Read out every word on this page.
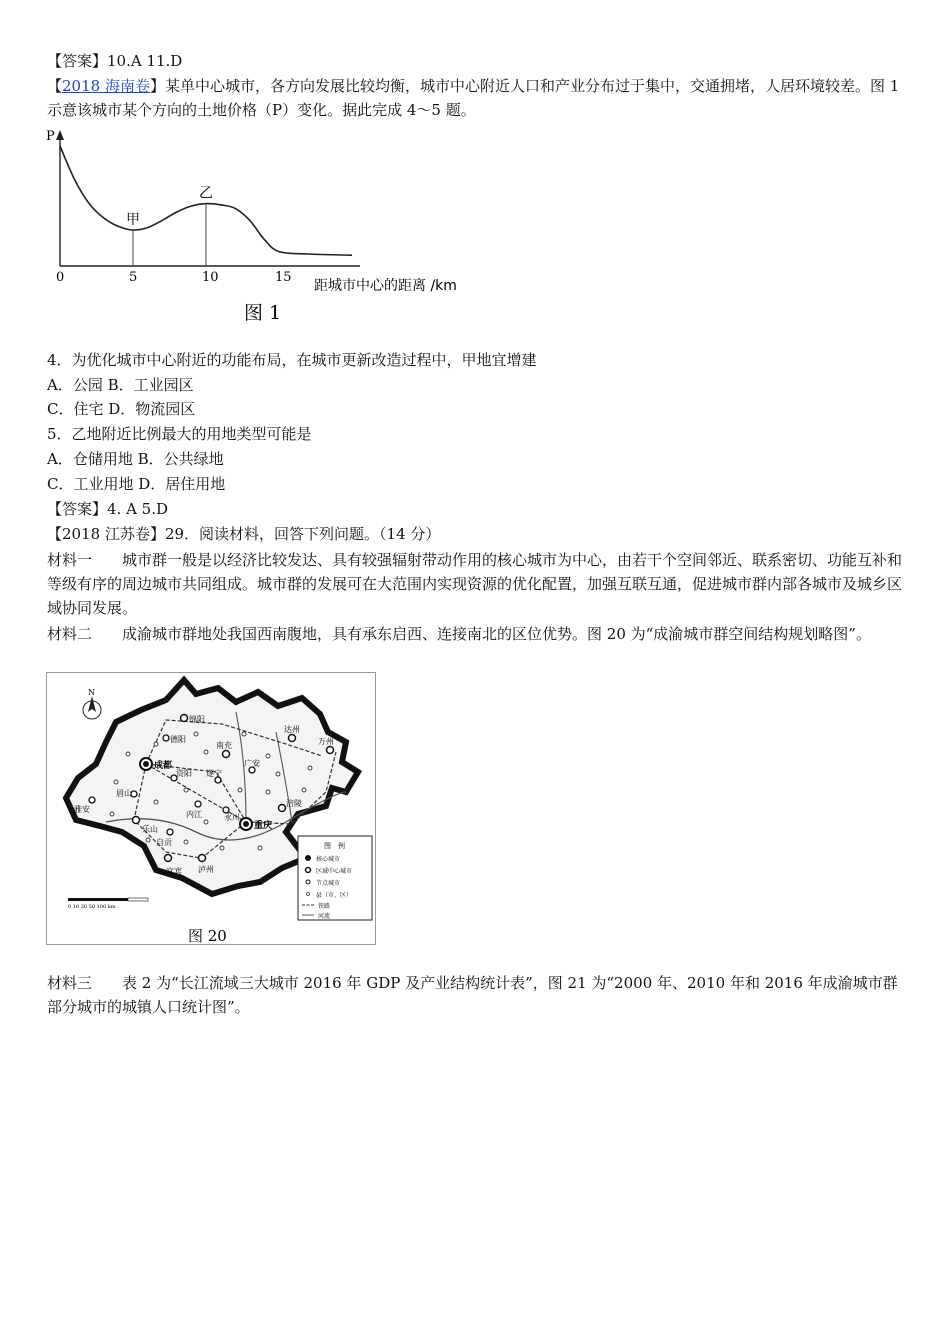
【答案】10.A 11.D
【2018 海南卷】某单中心城市，各方向发展比较均衡，城市中心附近人口和产业分布过于集中，交通拥堵，人居环境较差。图 1 示意该城市某个方向的土地价格（P）变化。据此完成 4～5 题。
P
0	5	10	15
甲
乙
距城市中心的距离 /km
图 1
4．为优化城市中心附近的功能布局，在城市更新改造过程中，甲地宜增建
A．公园 B．工业园区
C．住宅 D．物流园区
5．乙地附近比例最大的用地类型可能是
A．仓储用地 B．公共绿地
C．工业用地 D．居住用地
【答案】4. A 5.D
【2018 江苏卷】29．阅读材料，回答下列问题。（14 分）
材料一　　城市群一般是以经济比较发达、具有较强辐射带动作用的核心城市为中心，由若干个空间邻近、联系密切、功能互补和等级有序的周边城市共同组成。城市群的发展可在大范围内实现资源的优化配置，加强互联互通，促进城市群内部各城市及城乡区域协同发展。
材料二　　成渝城市群地处我国西南腹地，具有承东启西、连接南北的区位优势。图 20 为“成渝城市群空间结构规划略图”。
N
成都
重庆
绵阳
德阳
南充
达州
万州
遂宁
广安
资阳
眉山
雅安
乐山
内江
自贡
宜宾 泸州
永川
涪陵
图　例
核心城市
区域中心城市
节点城市
县（市、区）
铁路
河流
0 10 30 50 100 km
图 20
材料三　　表 2 为“长江流域三大城市 2016 年 GDP 及产业结构统计表”，图 21 为“2000 年、2010 年和 2016 年成渝城市群部分城市的城镇人口统计图”。
